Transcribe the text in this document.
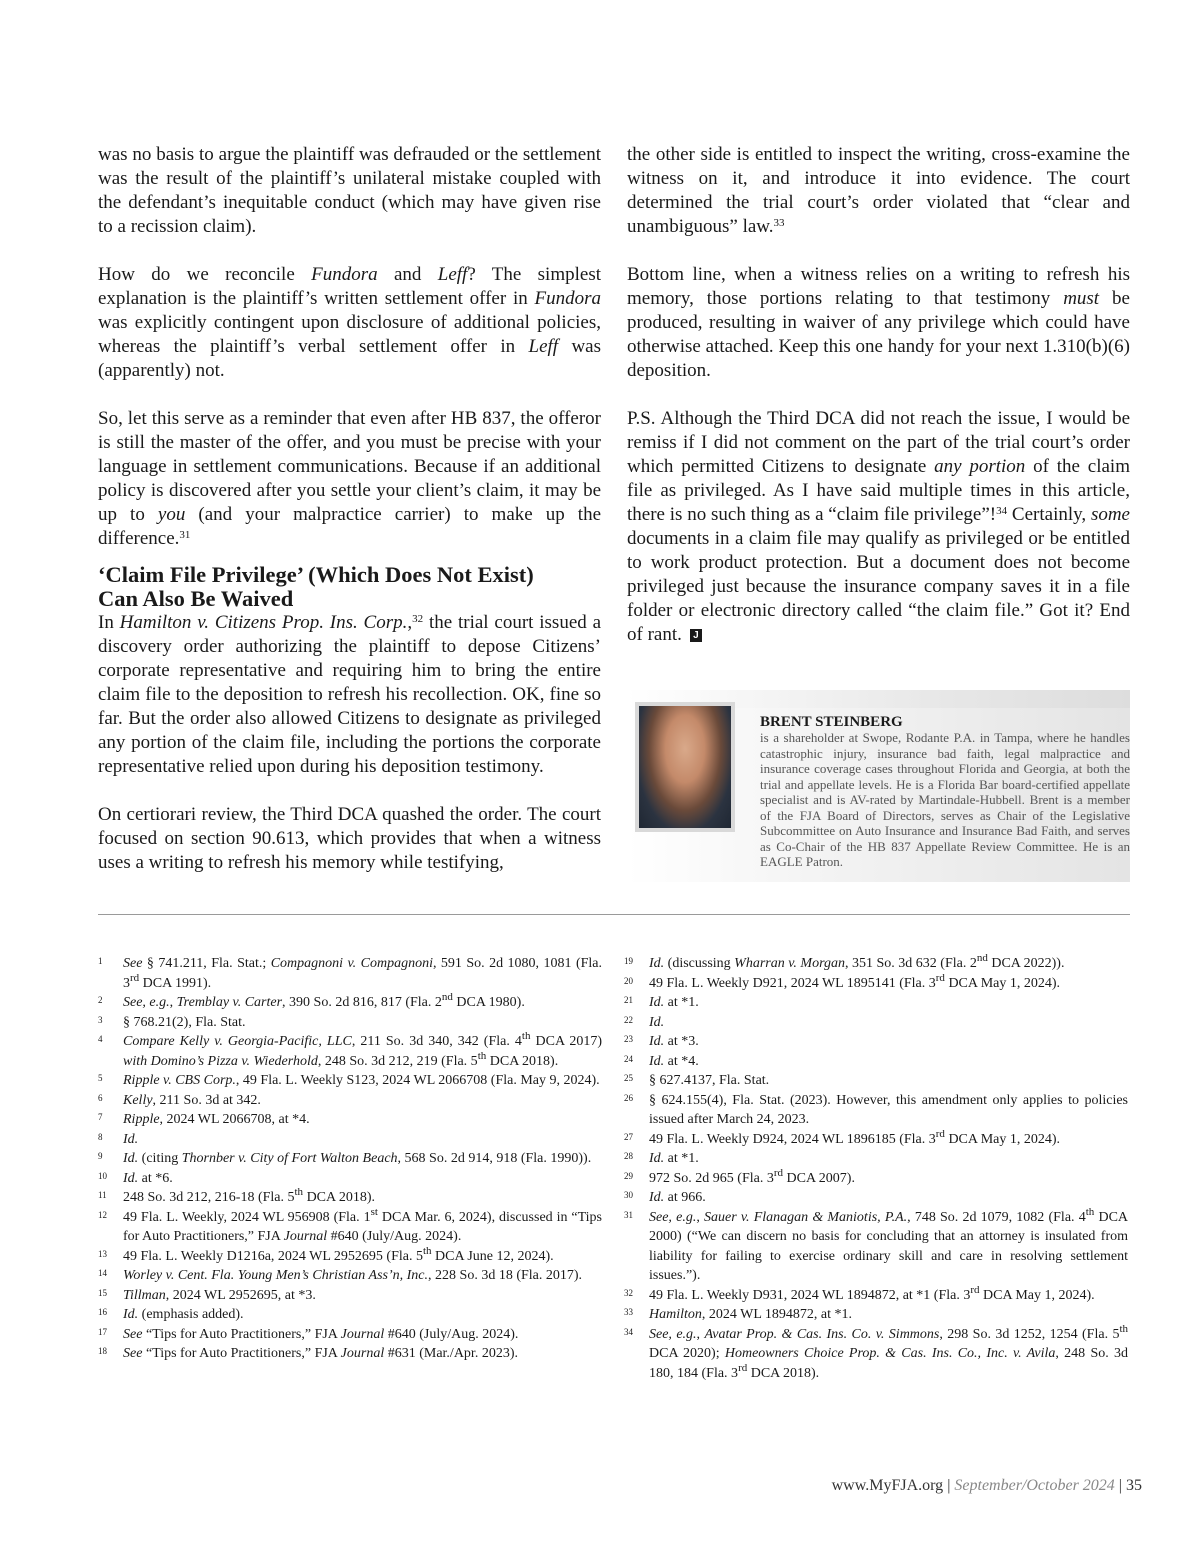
was no basis to argue the plaintiff was defrauded or the settlement was the result of the plaintiff’s unilateral mistake coupled with the defendant’s inequitable conduct (which may have given rise to a recission claim).

How do we reconcile Fundora and Leff? The simplest explanation is the plaintiff’s written settlement offer in Fundora was explicitly contingent upon disclosure of additional policies, whereas the plaintiff’s verbal settlement offer in Leff was (apparently) not.

So, let this serve as a reminder that even after HB 837, the offeror is still the master of the offer, and you must be precise with your language in settlement communications. Because if an additional policy is discovered after you settle your client’s claim, it may be up to you (and your malpractice carrier) to make up the difference.$^{31}$

‘Claim File Privilege’ (Which Does Not Exist)
Can Also Be Waived

In Hamilton v. Citizens Prop. Ins. Corp.,$^{32}$ the trial court issued a discovery order authorizing the plaintiff to depose Citizens’ corporate representative and requiring him to bring the entire claim file to the deposition to refresh his recollection. OK, fine so far. But the order also allowed Citizens to designate as privileged any portion of the claim file, including the portions the corporate representative relied upon during his deposition testimony.

On certiorari review, the Third DCA quashed the order. The court focused on section 90.613, which provides that when a witness uses a writing to refresh his memory while testifying,

the other side is entitled to inspect the writing, cross-examine the witness on it, and introduce it into evidence. The court determined the trial court’s order violated that “clear and unambiguous” law.$^{33}$

Bottom line, when a witness relies on a writing to refresh his memory, those portions relating to that testimony must be produced, resulting in waiver of any privilege which could have otherwise attached. Keep this one handy for your next 1.310(b)(6) deposition.

P.S. Although the Third DCA did not reach the issue, I would be remiss if I did not comment on the part of the trial court’s order which permitted Citizens to designate any portion of the claim file as privileged. As I have said multiple times in this article, there is no such thing as a “claim file privilege”!$^{34}$ Certainly, some documents in a claim file may qualify as privileged or be entitled to work product protection. But a document does not become privileged just because the insurance company saves it in a file folder or electronic directory called “the claim file.” Got it? End of rant. J

BRENT STEINBERG
is a shareholder at Swope, Rodante P.A. in Tampa, where he handles catastrophic injury, insurance bad faith, legal malpractice and insurance coverage cases throughout Florida and Georgia, at both the trial and appellate levels. He is a Florida Bar board-certified appellate specialist and is AV-rated by Martindale-Hubbell. Brent is a member of the FJA Board of Directors, serves as Chair of the Legislative Subcommittee on Auto Insurance and Insurance Bad Faith, and serves as Co-Chair of the HB 837 Appellate Review Committee. He is an EAGLE Patron.
1	See § 741.211, Fla. Stat.; Compagnoni v. Compagnoni, 591 So. 2d 1080, 1081 (Fla. 3rd DCA 1991).
2	See, e.g., Tremblay v. Carter, 390 So. 2d 816, 817 (Fla. 2nd DCA 1980).
3	§ 768.21(2), Fla. Stat.
4	Compare Kelly v. Georgia-Pacific, LLC, 211 So. 3d 340, 342 (Fla. 4th DCA 2017) with Domino’s Pizza v. Wiederhold, 248 So. 3d 212, 219 (Fla. 5th DCA 2018).
5	Ripple v. CBS Corp., 49 Fla. L. Weekly S123, 2024 WL 2066708 (Fla. May 9, 2024).
6	Kelly, 211 So. 3d at 342.
7	Ripple, 2024 WL 2066708, at *4.
8	Id.
9	Id. (citing Thornber v. City of Fort Walton Beach, 568 So. 2d 914, 918 (Fla. 1990)).
10	Id. at *6.
11	248 So. 3d 212, 216-18 (Fla. 5th DCA 2018).
12	49 Fla. L. Weekly, 2024 WL 956908 (Fla. 1st DCA Mar. 6, 2024), discussed in “Tips for Auto Practitioners,” FJA Journal #640 (July/Aug. 2024).
13	49 Fla. L. Weekly D1216a, 2024 WL 2952695 (Fla. 5th DCA June 12, 2024).
14	Worley v. Cent. Fla. Young Men’s Christian Ass’n, Inc., 228 So. 3d 18 (Fla. 2017).
15	Tillman, 2024 WL 2952695, at *3.
16	Id. (emphasis added).
17	See “Tips for Auto Practitioners,” FJA Journal #640 (July/Aug. 2024).
18	See “Tips for Auto Practitioners,” FJA Journal #631 (Mar./Apr. 2023).
19	Id. (discussing Wharran v. Morgan, 351 So. 3d 632 (Fla. 2nd DCA 2022)).
20	49 Fla. L. Weekly D921, 2024 WL 1895141 (Fla. 3rd DCA May 1, 2024).
21	Id. at *1.
22	Id.
23	Id. at *3.
24	Id. at *4.
25	§ 627.4137, Fla. Stat.
26	§ 624.155(4), Fla. Stat. (2023). However, this amendment only applies to policies issued after March 24, 2023.
27	49 Fla. L. Weekly D924, 2024 WL 1896185 (Fla. 3rd DCA May 1, 2024).
28	Id. at *1.
29	972 So. 2d 965 (Fla. 3rd DCA 2007).
30	Id. at 966.
31	See, e.g., Sauer v. Flanagan & Maniotis, P.A., 748 So. 2d 1079, 1082 (Fla. 4th DCA 2000) (“We can discern no basis for concluding that an attorney is insulated from liability for failing to exercise ordinary skill and care in resolving settlement issues.”).
32	49 Fla. L. Weekly D931, 2024 WL 1894872, at *1 (Fla. 3rd DCA May 1, 2024).
33	Hamilton, 2024 WL 1894872, at *1.
34	See, e.g., Avatar Prop. & Cas. Ins. Co. v. Simmons, 298 So. 3d 1252, 1254 (Fla. 5th DCA 2020); Homeowners Choice Prop. & Cas. Ins. Co., Inc. v. Avila, 248 So. 3d 180, 184 (Fla. 3rd DCA 2018).
www.MyFJA.org | September/October 2024 | 35
